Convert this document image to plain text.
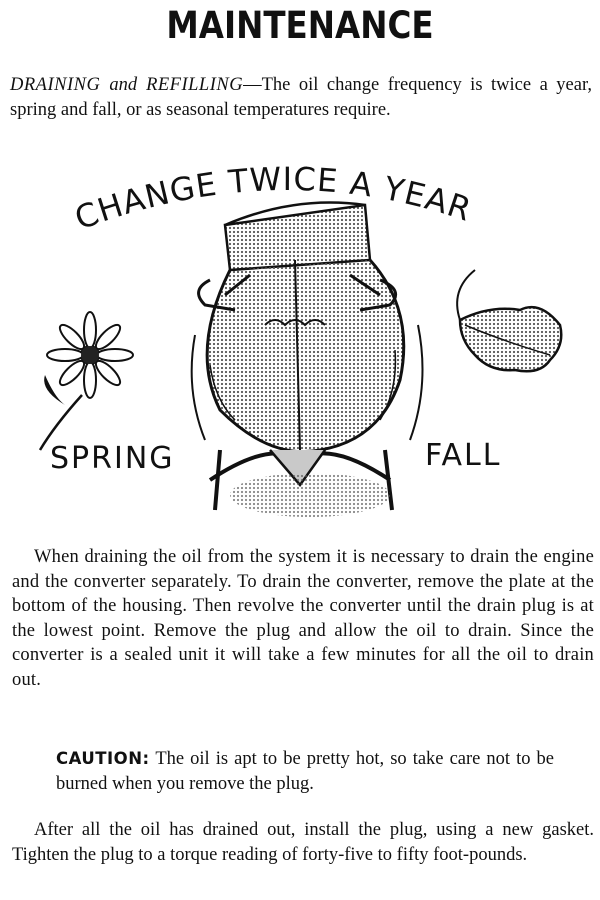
MAINTENANCE

DRAINING and REFILLING—The oil change frequency is twice a year, spring and fall, or as seasonal temperatures require.

CHANGE TWICE A YEAR
SPRING	FALL

When draining the oil from the system it is necessary to drain the engine and the converter separately. To drain the converter, remove the plate at the bottom of the housing. Then revolve the converter until the drain plug is at the lowest point. Remove the plug and allow the oil to drain. Since the converter is a sealed unit it will take a few minutes for all the oil to drain out.

CAUTION: The oil is apt to be pretty hot, so take care not to be burned when you remove the plug.

After all the oil has drained out, install the plug, using a new gasket. Tighten the plug to a torque reading of forty-five to fifty foot-pounds.
